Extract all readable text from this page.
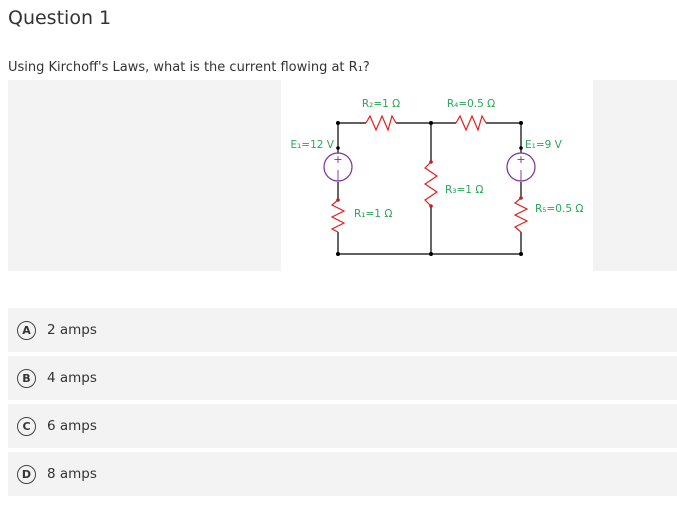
Question 1
Using Kirchoff's Laws, what is the current flowing at R₁?
+
|
+
|
R₂=1 Ω	R₄=0.5 Ω
E₁=12 V	E₁=9 V
R₃=1 Ω
R₁=1 Ω	R₅=0.5 Ω
A	2 amps
B	4 amps
C	6 amps
D	8 amps
